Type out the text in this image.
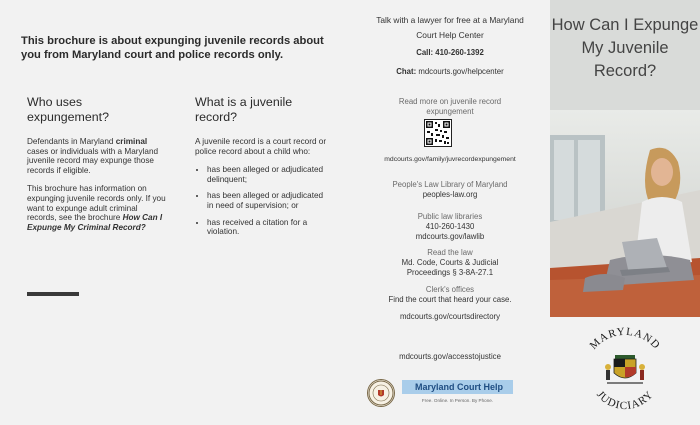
This brochure is about expunging juvenile records about you from Maryland court and police records only.
Who uses expungement?

Defendants in Maryland criminal cases or individuals with a Maryland juvenile record may expunge those records if eligible.

This brochure has information on expunging juvenile records only. If you want to expunge adult criminal records, see the brochure How Can I Expunge My Criminal Record?

What is a juvenile record?

A juvenile record is a court record or police record about a child who:

• has been alleged or adjudicated delinquent;
• has been alleged or adjudicated in need of supervision; or
• has received a citation for a violation.
Talk with a lawyer for free at a Maryland Court Help Center
Call: 410-260-1392
Chat: mdcourts.gov/helpcenter
Read more on juvenile record expungement
mdcourts.gov/family/juvrecordexpungement
People's Law Library of Maryland
peoples-law.org
Public law libraries
410-260-1430
mdcourts.gov/lawlib
Read the law
Md. Code, Courts & Judicial Proceedings § 3-8A-27.1
Clerk's offices
Find the court that heard your case.
mdcourts.gov/courtsdirectory
mdcourts.gov/accesstojustice
Maryland Court Help
Free. Online. In Person. By Phone.
How Can I Expunge My Juvenile Record?
MARYLAND
JUDICIARY
